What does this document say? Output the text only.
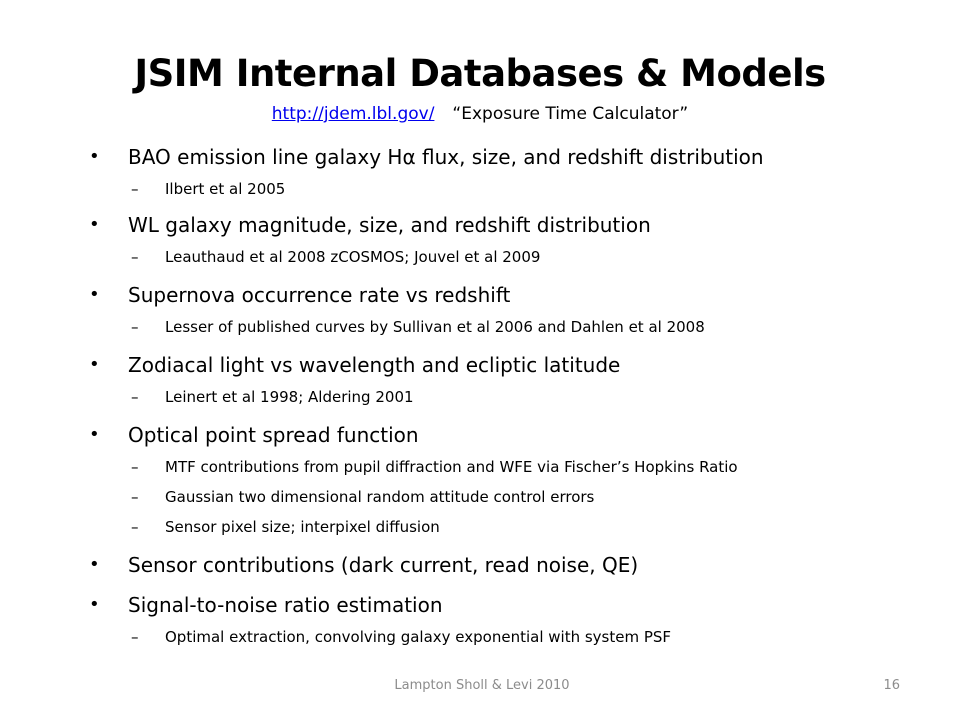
JSIM Internal Databases & Models
http://jdem.lbl.gov/ “Exposure Time Calculator”
• BAO emission line galaxy Hα flux, size, and redshift distribution
– Ilbert et al 2005
• WL galaxy magnitude, size, and redshift distribution
– Leauthaud et al 2008 zCOSMOS; Jouvel et al 2009
• Supernova occurrence rate vs redshift
– Lesser of published curves by Sullivan et al 2006 and Dahlen et al 2008
• Zodiacal light vs wavelength and ecliptic latitude
– Leinert et al 1998; Aldering 2001
• Optical point spread function
– MTF contributions from pupil diffraction and WFE via Fischer’s Hopkins Ratio
– Gaussian two dimensional random attitude control errors
– Sensor pixel size; interpixel diffusion
• Sensor contributions (dark current, read noise, QE)
• Signal-to-noise ratio estimation
– Optimal extraction, convolving galaxy exponential with system PSF
Lampton Sholl & Levi 2010	16
